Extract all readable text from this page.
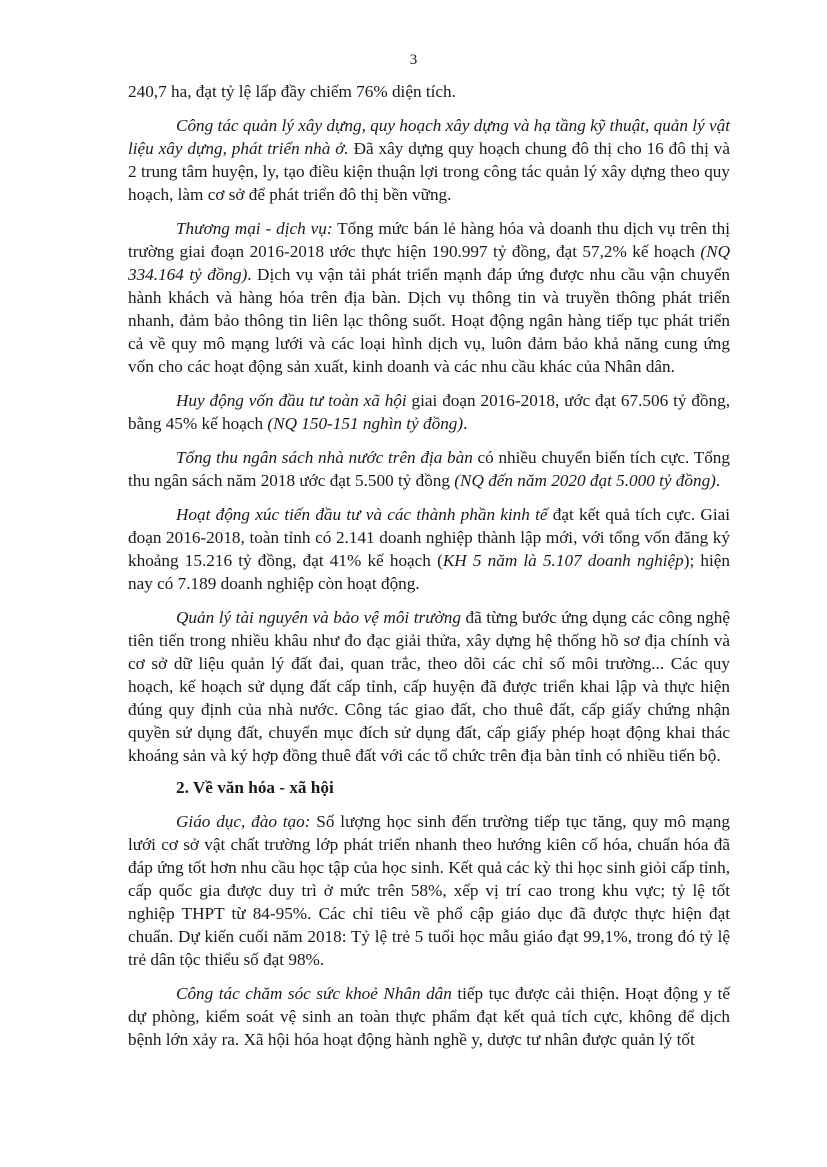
3

240,7 ha, đạt tỷ lệ lấp đầy chiếm 76% diện tích.

Công tác quản lý xây dựng, quy hoạch xây dựng và hạ tầng kỹ thuật, quản lý vật liệu xây dựng, phát triển nhà ở. Đã xây dựng quy hoạch chung đô thị cho 16 đô thị và 2 trung tâm huyện, ly, tạo điều kiện thuận lợi trong công tác quản lý xây dựng theo quy hoạch, làm cơ sở để phát triển đô thị bền vững.

Thương mại - dịch vụ: Tổng mức bán lẻ hàng hóa và doanh thu dịch vụ trên thị trường giai đoạn 2016-2018 ước thực hiện 190.997 tỷ đồng, đạt 57,2% kế hoạch (NQ 334.164 tỷ đồng). Dịch vụ vận tải phát triển mạnh đáp ứng được nhu cầu vận chuyển hành khách và hàng hóa trên địa bàn. Dịch vụ thông tin và truyền thông phát triển nhanh, đảm bảo thông tin liên lạc thông suốt. Hoạt động ngân hàng tiếp tục phát triển cả về quy mô mạng lưới và các loại hình dịch vụ, luôn đảm bảo khả năng cung ứng vốn cho các hoạt động sản xuất, kinh doanh và các nhu cầu khác của Nhân dân.

Huy động vốn đầu tư toàn xã hội giai đoạn 2016-2018, ước đạt 67.506 tỷ đồng, bằng 45% kế hoạch (NQ 150-151 nghìn tỷ đồng).

Tổng thu ngân sách nhà nước trên địa bàn có nhiều chuyển biến tích cực. Tổng thu ngân sách năm 2018 ước đạt 5.500 tỷ đồng (NQ đến năm 2020 đạt 5.000 tỷ đồng).

Hoạt động xúc tiến đầu tư và các thành phần kinh tế đạt kết quả tích cực. Giai đoạn 2016-2018, toàn tỉnh có 2.141 doanh nghiệp thành lập mới, với tổng vốn đăng ký khoảng 15.216 tỷ đồng, đạt 41% kế hoạch (KH 5 năm là 5.107 doanh nghiệp); hiện nay có 7.189 doanh nghiệp còn hoạt động.

Quản lý tài nguyên và bảo vệ môi trường đã từng bước ứng dụng các công nghệ tiên tiến trong nhiều khâu như đo đạc giải thửa, xây dựng hệ thống hồ sơ địa chính và cơ sở dữ liệu quản lý đất đai, quan trắc, theo dõi các chỉ số môi trường... Các quy hoạch, kế hoạch sử dụng đất cấp tỉnh, cấp huyện đã được triển khai lập và thực hiện đúng quy định của nhà nước. Công tác giao đất, cho thuê đất, cấp giấy chứng nhận quyền sử dụng đất, chuyển mục đích sử dụng đất, cấp giấy phép hoạt động khai thác khoáng sản và ký hợp đồng thuê đất với các tổ chức trên địa bàn tỉnh có nhiều tiến bộ.

2. Về văn hóa - xã hội

Giáo dục, đào tạo: Số lượng học sinh đến trường tiếp tục tăng, quy mô mạng lưới cơ sở vật chất trường lớp phát triển nhanh theo hướng kiên cố hóa, chuẩn hóa đã đáp ứng tốt hơn nhu cầu học tập của học sinh. Kết quả các kỳ thi học sinh giỏi cấp tỉnh, cấp quốc gia được duy trì ở mức trên 58%, xếp vị trí cao trong khu vực; tỷ lệ tốt nghiệp THPT từ 84-95%. Các chỉ tiêu về phổ cập giáo dục đã được thực hiện đạt chuẩn. Dự kiến cuối năm 2018: Tỷ lệ trẻ 5 tuổi học mẫu giáo đạt 99,1%, trong đó tỷ lệ trẻ dân tộc thiểu số đạt 98%.

Công tác chăm sóc sức khoẻ Nhân dân tiếp tục được cải thiện. Hoạt động y tế dự phòng, kiểm soát vệ sinh an toàn thực phẩm đạt kết quả tích cực, không để dịch bệnh lớn xảy ra. Xã hội hóa hoạt động hành nghề y, dược tư nhân được quản lý tốt
